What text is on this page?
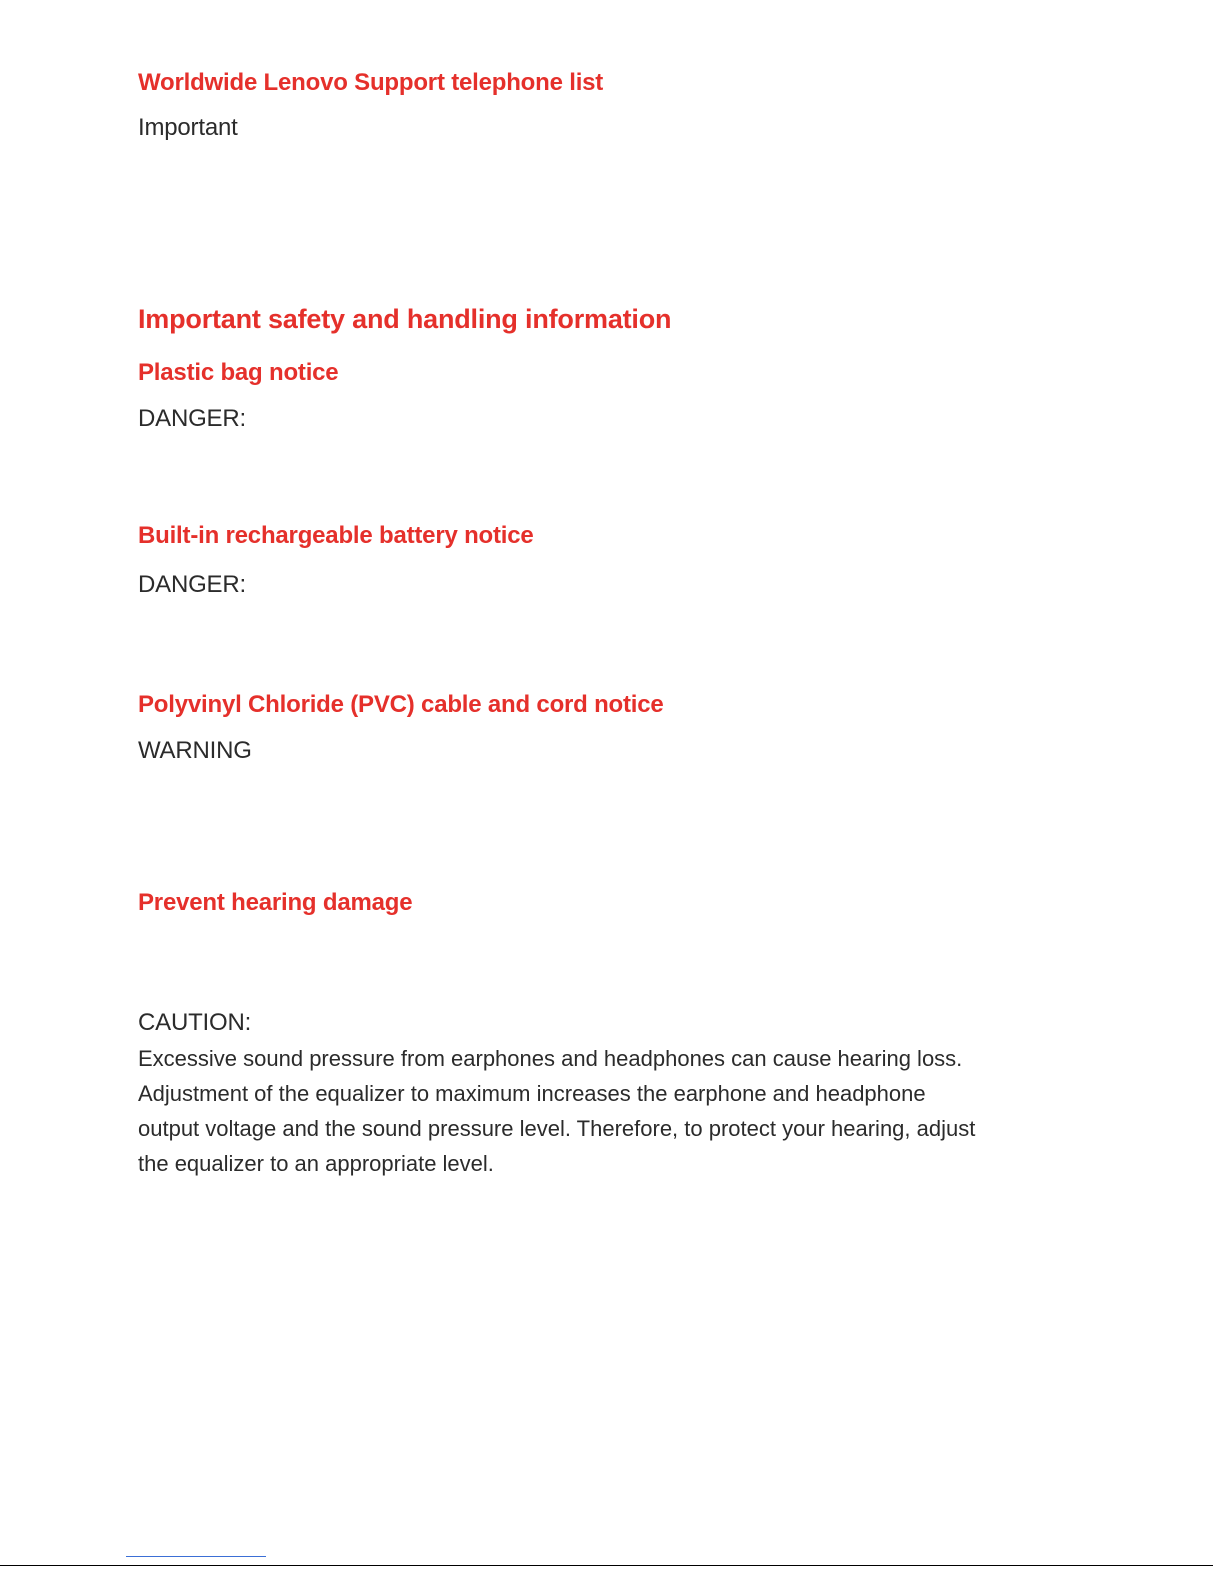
Worldwide Lenovo Support telephone list

Important

Important safety and handling information
Plastic bag notice

DANGER:

Built-in rechargeable battery notice

DANGER:

Polyvinyl Chloride (PVC) cable and cord notice

WARNING

Prevent hearing damage

CAUTION:

Excessive sound pressure from earphones and headphones can cause hearing loss.
Adjustment of the equalizer to maximum increases the earphone and headphone
output voltage and the sound pressure level. Therefore, to protect your hearing, adjust
the equalizer to an appropriate level.
